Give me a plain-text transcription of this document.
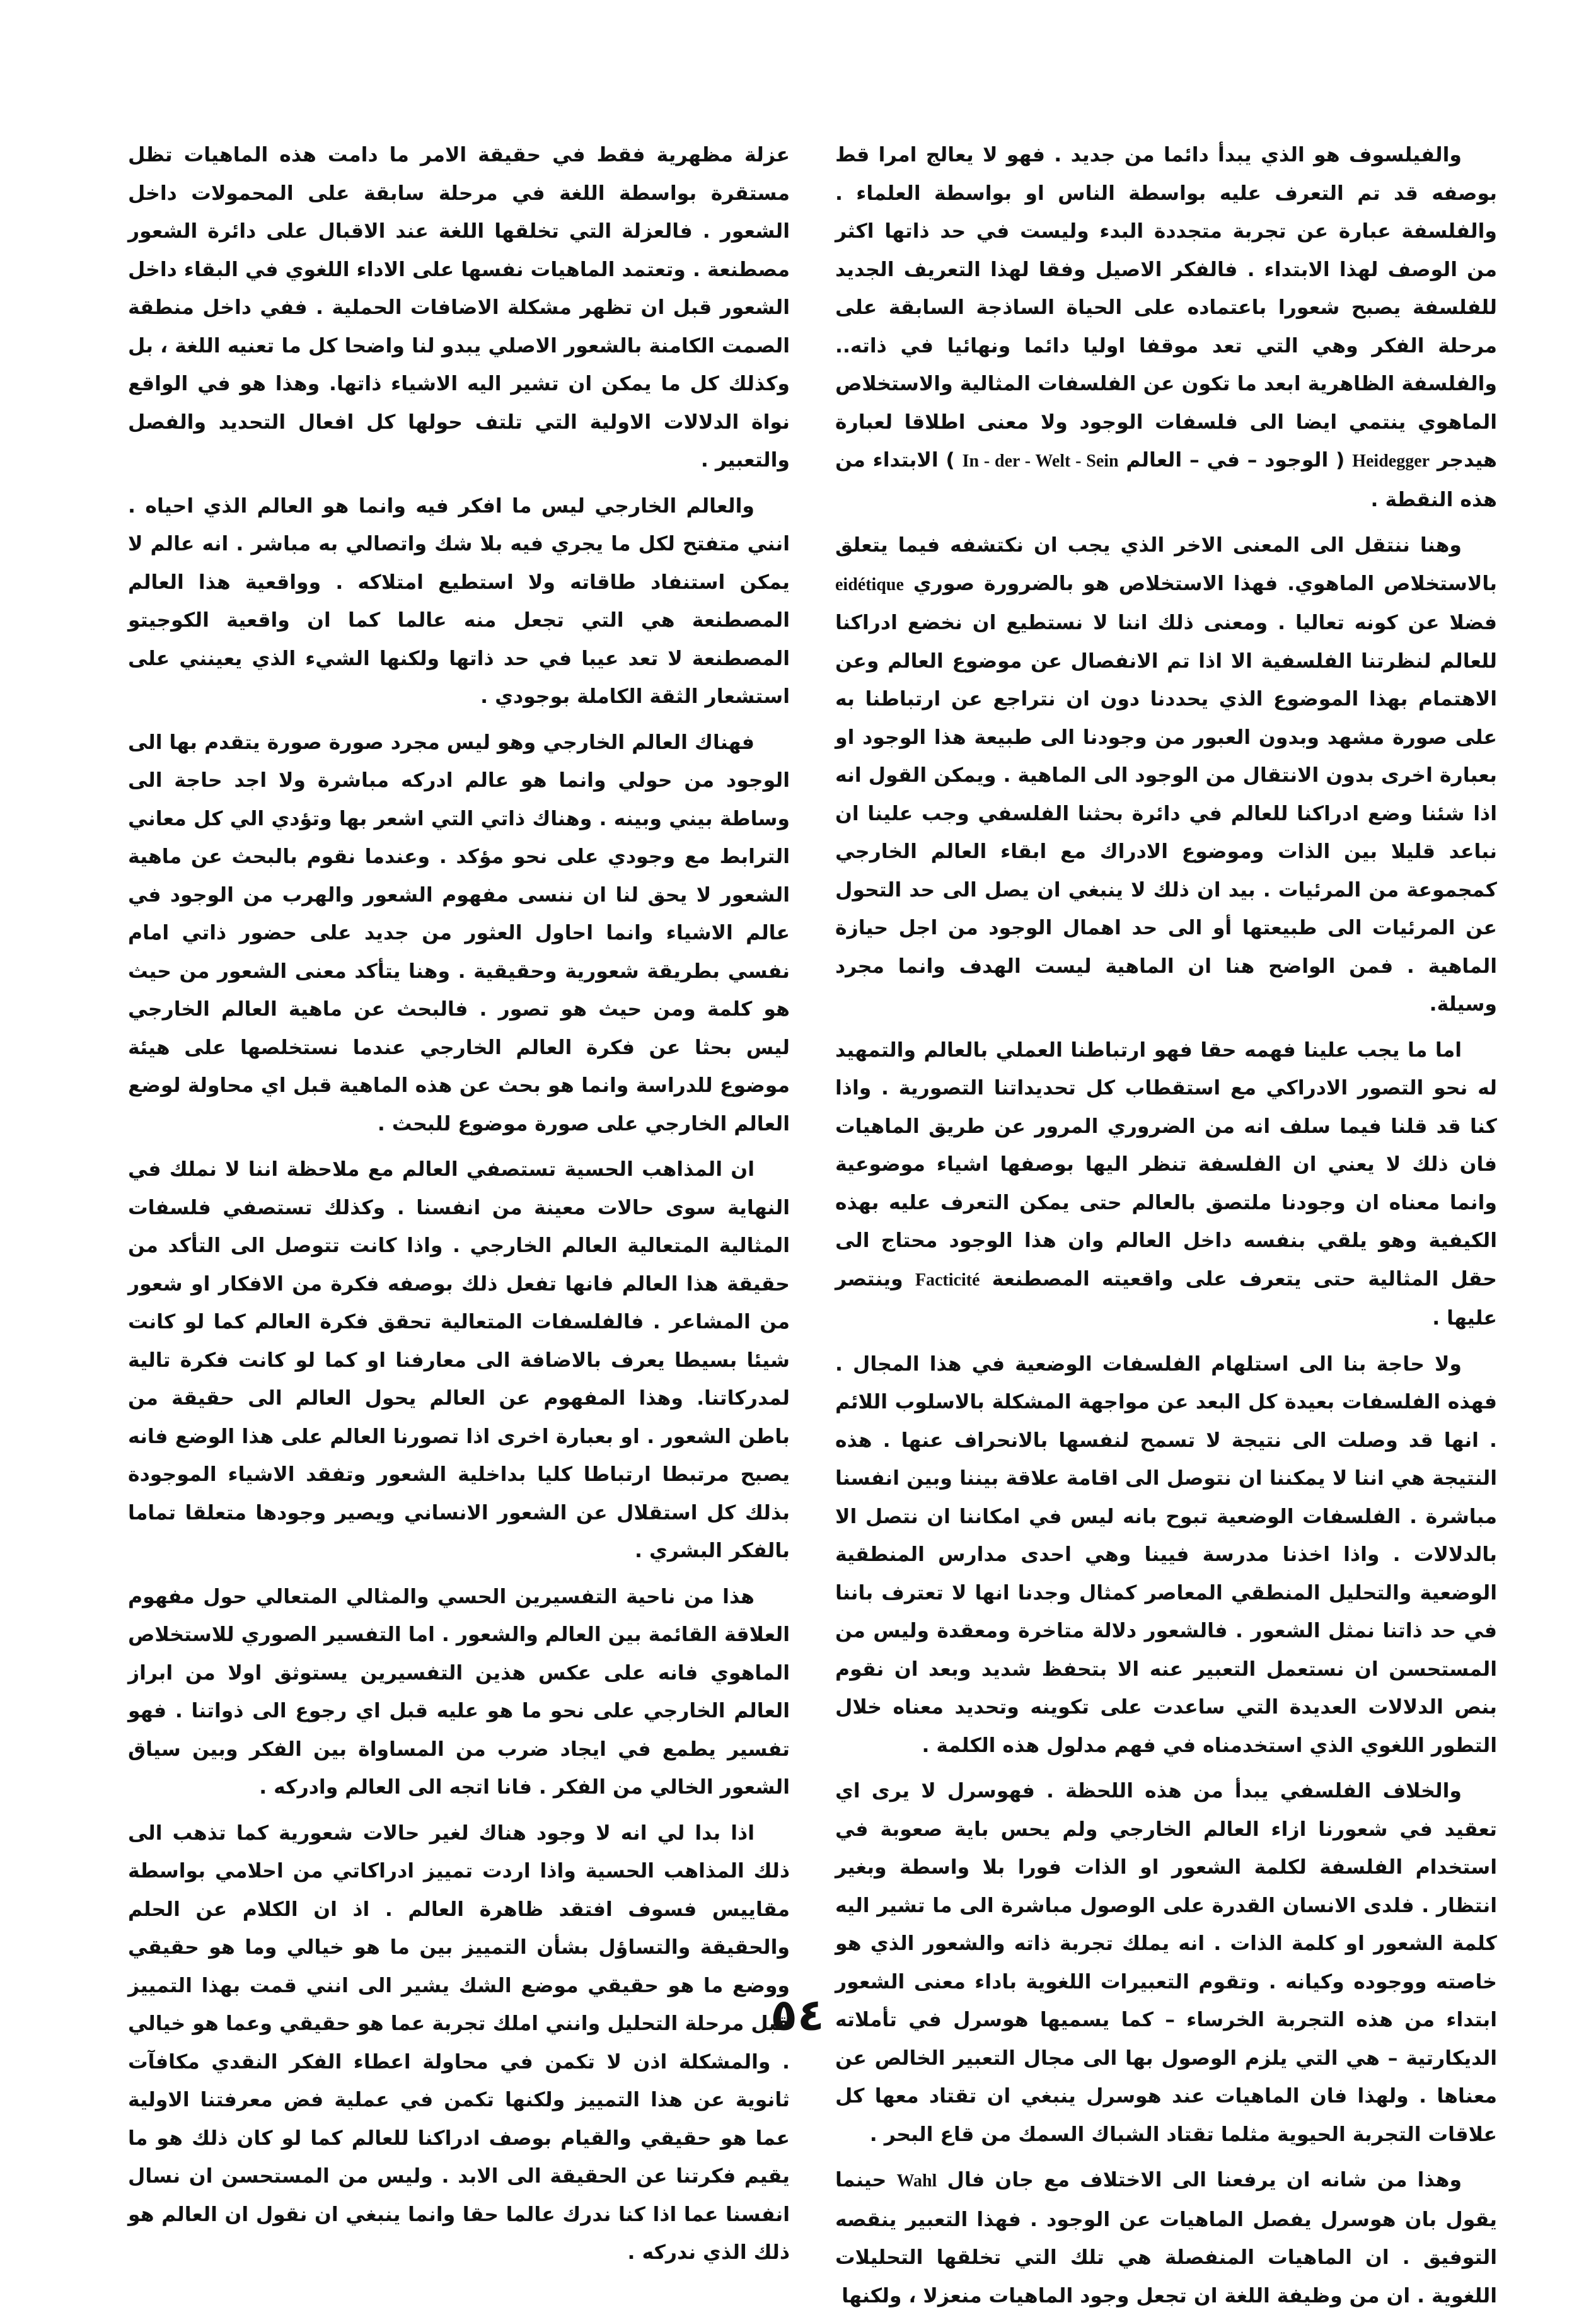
والفيلسوف هو الذي يبدأ دائما من جديد . فهو لا يعالج امرا قط بوصفه قد تم التعرف عليه بواسطة الناس او بواسطة العلماء . والفلسفة عبارة عن تجربة متجددة البدء وليست في حد ذاتها اكثر من الوصف لهذا الابتداء . فالفكر الاصيل وفقا لهذا التعريف الجديد للفلسفة يصبح شعورا باعتماده على الحياة الساذجة السابقة على مرحلة الفكر وهي التي تعد موقفا اوليا دائما ونهائيا في ذاته.. والفلسفة الظاهرية ابعد ما تكون عن الفلسفات المثالية والاستخلاص الماهوي ينتمي ايضا الى فلسفات الوجود ولا معنى اطلاقا لعبارة هيدجر Heidegger ( الوجود – في – العالم In - der - Welt - Sein ) الابتداء من هذه النقطة .

وهنا ننتقل الى المعنى الاخر الذي يجب ان نكتشفه فيما يتعلق بالاستخلاص الماهوي. فهذا الاستخلاص هو بالضرورة صوري eidétique فضلا عن كونه تعاليا . ومعنى ذلك اننا لا نستطيع ان نخضع ادراكنا للعالم لنظرتنا الفلسفية الا اذا تم الانفصال عن موضوع العالم وعن الاهتمام بهذا الموضوع الذي يحددنا دون ان نتراجع عن ارتباطنا به على صورة مشهد وبدون العبور من وجودنا الى طبيعة هذا الوجود او بعبارة اخرى بدون الانتقال من الوجود الى الماهية . ويمكن القول انه اذا شئنا وضع ادراكنا للعالم في دائرة بحثنا الفلسفي وجب علينا ان نباعد قليلا بين الذات وموضوع الادراك مع ابقاء العالم الخارجي كمجموعة من المرئيات . بيد ان ذلك لا ينبغي ان يصل الى حد التحول عن المرئيات الى طبيعتها أو الى حد اهمال الوجود من اجل حيازة الماهية . فمن الواضح هنا ان الماهية ليست الهدف وانما مجرد وسيلة.

اما ما يجب علينا فهمه حقا فهو ارتباطنا العملي بالعالم والتمهيد له نحو التصور الادراكي مع استقطاب كل تحديداتنا التصورية . واذا كنا قد قلنا فيما سلف انه من الضروري المرور عن طريق الماهيات فان ذلك لا يعني ان الفلسفة تنظر اليها بوصفها اشياء موضوعية وانما معناه ان وجودنا ملتصق بالعالم حتى يمكن التعرف عليه بهذه الكيفية وهو يلقي بنفسه داخل العالم وان هذا الوجود محتاج الى حقل المثالية حتى يتعرف على واقعيته المصطنعة Facticité وينتصر عليها .

ولا حاجة بنا الى استلهام الفلسفات الوضعية في هذا المجال . فهذه الفلسفات بعيدة كل البعد عن مواجهة المشكلة بالاسلوب اللائم . انها قد وصلت الى نتيجة لا تسمح لنفسها بالانحراف عنها . هذه النتيجة هي اننا لا يمكننا ان نتوصل الى اقامة علاقة بيننا وبين انفسنا مباشرة . الفلسفات الوضعية تبوح بانه ليس في امكاننا ان نتصل الا بالدلالات . واذا اخذنا مدرسة فيينا وهي احدى مدارس المنطقية الوضعية والتحليل المنطقي المعاصر كمثال وجدنا انها لا تعترف باننا في حد ذاتنا نمثل الشعور . فالشعور دلالة متاخرة ومعقدة وليس من المستحسن ان نستعمل التعبير عنه الا بتحفظ شديد وبعد ان نقوم بنص الدلالات العديدة التي ساعدت على تكوينه وتحديد معناه خلال التطور اللغوي الذي استخدمناه في فهم مدلول هذه الكلمة .

والخلاف الفلسفي يبدأ من هذه اللحظة . فهوسرل لا يرى اي تعقيد في شعورنا ازاء العالم الخارجي ولم يحس باية صعوبة في استخدام الفلسفة لكلمة الشعور او الذات فورا بلا واسطة وبغير انتظار . فلدى الانسان القدرة على الوصول مباشرة الى ما تشير اليه كلمة الشعور او كلمة الذات . انه يملك تجربة ذاته والشعور الذي هو خاصته ووجوده وكيانه . وتقوم التعبيرات اللغوية باداء معنى الشعور ابتداء من هذه التجربة الخرساء – كما يسميها هوسرل في تأملاته الديكارتية – هي التي يلزم الوصول بها الى مجال التعبير الخالص عن معناها . ولهذا فان الماهيات عند هوسرل ينبغي ان تقتاد معها كل علاقات التجربة الحيوية مثلما تقتاد الشباك السمك من قاع البحر .

وهذا من شانه ان يرفعنا الى الاختلاف مع جان فال Wahl حينما يقول بان هوسرل يفصل الماهيات عن الوجود . فهذا التعبير ينقصه التوفيق . ان الماهيات المنفصلة هي تلك التي تخلقها التحليلات اللغوية . ان من وظيفة اللغة ان تجعل وجود الماهيات منعزلا ، ولكنها

عزلة مظهرية فقط في حقيقة الامر ما دامت هذه الماهيات تظل مستقرة بواسطة اللغة في مرحلة سابقة على المحمولات داخل الشعور . فالعزلة التي تخلقها اللغة عند الاقبال على دائرة الشعور مصطنعة . وتعتمد الماهيات نفسها على الاداء اللغوي في البقاء داخل الشعور قبل ان تظهر مشكلة الاضافات الحملية . ففي داخل منطقة الصمت الكامنة بالشعور الاصلي يبدو لنا واضحا كل ما تعنيه اللغة ، بل وكذلك كل ما يمكن ان تشير اليه الاشياء ذاتها. وهذا هو في الواقع نواة الدلالات الاولية التي تلتف حولها كل افعال التحديد والفصل والتعبير .

والعالم الخارجي ليس ما افكر فيه وانما هو العالم الذي احياه . انني متفتح لكل ما يجري فيه بلا شك واتصالي به مباشر . انه عالم لا يمكن استنفاد طاقاته ولا استطيع امتلاكه . وواقعية هذا العالم المصطنعة هي التي تجعل منه عالما كما ان واقعية الكوجيتو المصطنعة لا تعد عيبا في حد ذاتها ولكنها الشيء الذي يعينني على استشعار الثقة الكاملة بوجودي .

فهناك العالم الخارجي وهو ليس مجرد صورة صورة يتقدم بها الى الوجود من حولي وانما هو عالم ادركه مباشرة ولا اجد حاجة الى وساطة بيني وبينه . وهناك ذاتي التي اشعر بها وتؤدي الي كل معاني الترابط مع وجودي على نحو مؤكد . وعندما نقوم بالبحث عن ماهية الشعور لا يحق لنا ان ننسى مفهوم الشعور والهرب من الوجود في عالم الاشياء وانما احاول العثور من جديد على حضور ذاتي امام نفسي بطريقة شعورية وحقيقية . وهنا يتأكد معنى الشعور من حيث هو كلمة ومن حيث هو تصور . فالبحث عن ماهية العالم الخارجي ليس بحثا عن فكرة العالم الخارجي عندما نستخلصها على هيئة موضوع للدراسة وانما هو بحث عن هذه الماهية قبل اي محاولة لوضع العالم الخارجي على صورة موضوع للبحث .

ان المذاهب الحسية تستصفي العالم مع ملاحظة اننا لا نملك في النهاية سوى حالات معينة من انفسنا . وكذلك تستصفي فلسفات المثالية المتعالية العالم الخارجي . واذا كانت تتوصل الى التأكد من حقيقة هذا العالم فانها تفعل ذلك بوصفه فكرة من الافكار او شعور من المشاعر . فالفلسفات المتعالية تحقق فكرة العالم كما لو كانت شيئا بسيطا يعرف بالاضافة الى معارفنا او كما لو كانت فكرة تالية لمدركاتنا. وهذا المفهوم عن العالم يحول العالم الى حقيقة من باطن الشعور . او بعبارة اخرى اذا تصورنا العالم على هذا الوضع فانه يصبح مرتبطا ارتباطا كليا بداخلية الشعور وتفقد الاشياء الموجودة بذلك كل استقلال عن الشعور الانساني ويصير وجودها متعلقا تماما بالفكر البشري .

هذا من ناحية التفسيرين الحسي والمثالي المتعالي حول مفهوم العلاقة القائمة بين العالم والشعور . اما التفسير الصوري للاستخلاص الماهوي فانه على عكس هذين التفسيرين يستوثق اولا من ابراز العالم الخارجي على نحو ما هو عليه قبل اي رجوع الى ذواتنا . فهو تفسير يطمع في ايجاد ضرب من المساواة بين الفكر وبين سياق الشعور الخالي من الفكر . فانا اتجه الى العالم وادركه .

اذا بدا لي انه لا وجود هناك لغير حالات شعورية كما تذهب الى ذلك المذاهب الحسية واذا اردت تمييز ادراكاتي من احلامي بواسطة مقاييس فسوف افتقد ظاهرة العالم . اذ ان الكلام عن الحلم والحقيقة والتساؤل بشأن التمييز بين ما هو خيالي وما هو حقيقي ووضع ما هو حقيقي موضع الشك يشير الى انني قمت بهذا التمييز قبل مرحلة التحليل وانني املك تجربة عما هو حقيقي وعما هو خيالي . والمشكلة اذن لا تكمن في محاولة اعطاء الفكر النقدي مكافآت ثانوية عن هذا التمييز ولكنها تكمن في عملية فض معرفتنا الاولية عما هو حقيقي والقيام بوصف ادراكنا للعالم كما لو كان ذلك هو ما يقيم فكرتنا عن الحقيقة الى الابد . وليس من المستحسن ان نسال انفسنا عما اذا كنا ندرك عالما حقا وانما ينبغي ان نقول ان العالم هو ذلك الذي ندركه .

٥٤
